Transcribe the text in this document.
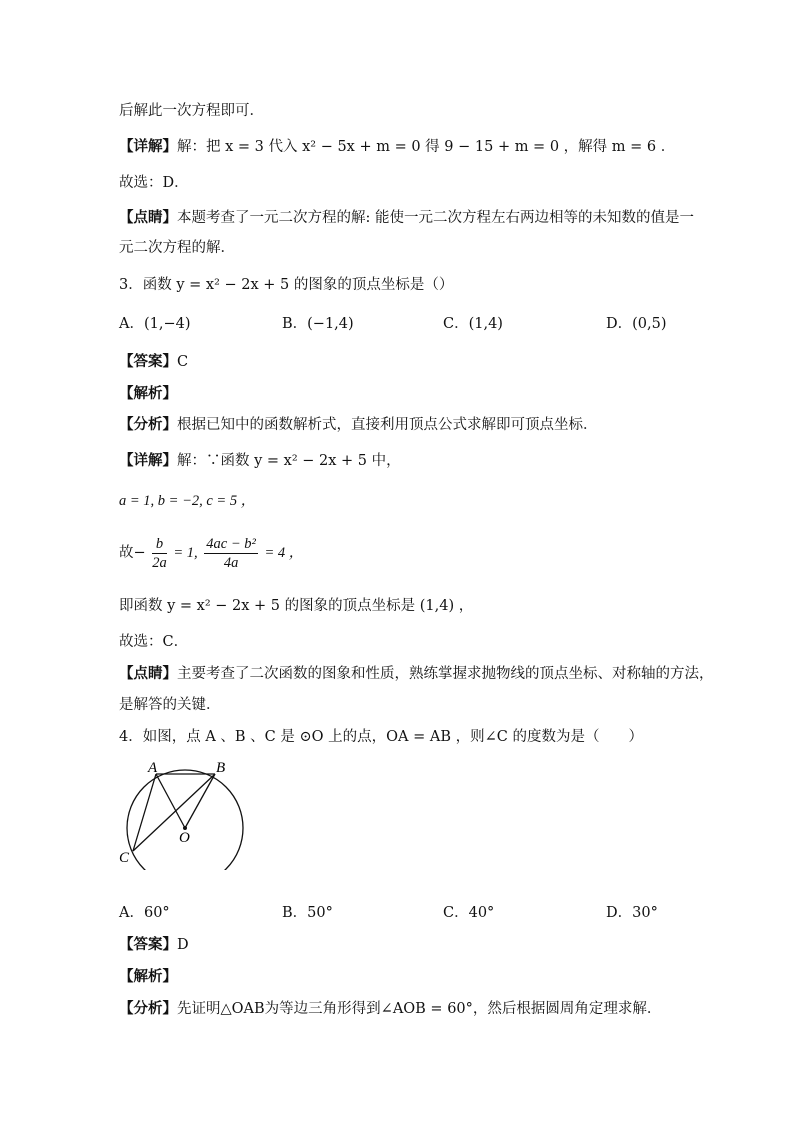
后解此一次方程即可．
【详解】解：把 x = 3 代入 x² − 5x + m = 0 得 9 − 15 + m = 0 ，解得 m = 6 ．
故选：D．
【点睛】本题考查了一元二次方程的解: 能使一元二次方程左右两边相等的未知数的值是一
元二次方程的解．
3．函数 y = x² − 2x + 5 的图象的顶点坐标是（）
A．(1,−4)	B．(−1,4)	C．(1,4)	D．(0,5)
【答案】C
【解析】
【分析】根据已知中的函数解析式，直接利用顶点公式求解即可顶点坐标．
【详解】解：∵函数 y = x² − 2x + 5 中，
a = 1, b = −2, c = 5 ，
故− $\frac{b}{2a} = 1$, $\frac{\text{4ac − b²}}{4a} = 4$ ，
即函数 y = x² − 2x + 5 的图象的顶点坐标是 (1,4) ，
故选：C．
【点睛】主要考查了二次函数的图象和性质，熟练掌握求抛物线的顶点坐标、对称轴的方法，
是解答的关键．
4．如图，点 A 、B 、C 是 ⊙O 上的点，OA = AB ，则∠C 的度数为是（　　）
A	B
C
O
A．60°	B．50°	C．40°	D．30°
【答案】D
【解析】
【分析】先证明△OAB为等边三角形得到∠AOB = 60°，然后根据圆周角定理求解．
